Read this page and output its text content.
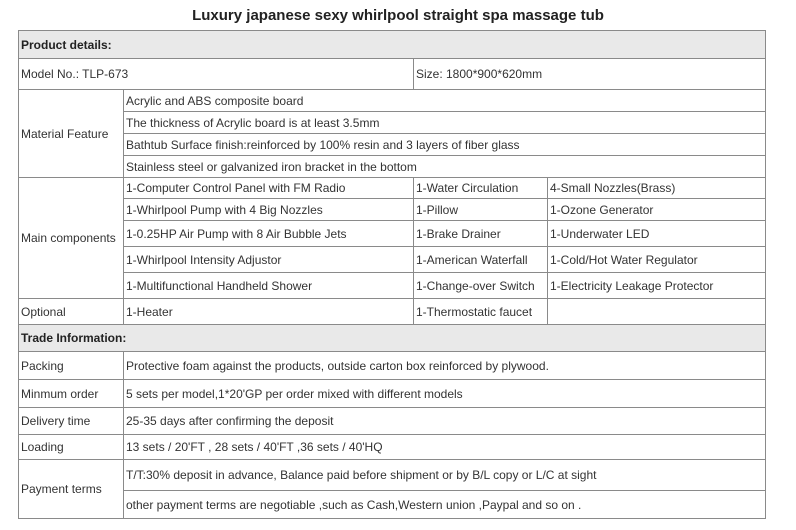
Luxury japanese sexy whirlpool straight spa massage tub
Product details:			
Model No.: TLP-673		Size: 1800*900*620mm	
Material Feature	Acrylic and ABS composite board		
	The thickness of Acrylic board is at least 3.5mm		
	Bathtub Surface finish:reinforced by 100% resin and 3 layers of fiber glass		
	Stainless steel or galvanized iron bracket in the bottom		
Main components	1-Computer Control Panel with FM Radio	1-Water Circulation	4-Small Nozzles(Brass)
	1-Whirlpool Pump with 4 Big Nozzles	1-Pillow	1-Ozone Generator
	1-0.25HP Air Pump with 8 Air Bubble Jets	1-Brake Drainer	1-Underwater LED
	1-Whirlpool Intensity Adjustor	1-American Waterfall	1-Cold/Hot Water Regulator
	1-Multifunctional Handheld Shower	1-Change-over Switch	1-Electricity Leakage Protector
Optional	1-Heater	1-Thermostatic faucet	
Trade Information:			
Packing	Protective foam against the products, outside carton box reinforced by plywood.		
Minmum order	5 sets per model,1*20'GP per order mixed with different models		
Delivery time	25-35 days after confirming the deposit		
Loading	13 sets / 20'FT , 28 sets / 40'FT ,36 sets / 40'HQ		
Payment terms	T/T:30% deposit in advance, Balance paid before shipment or by B/L copy or L/C at sight		
	other payment terms are negotiable ,such as Cash,Western union ,Paypal and so on .		
